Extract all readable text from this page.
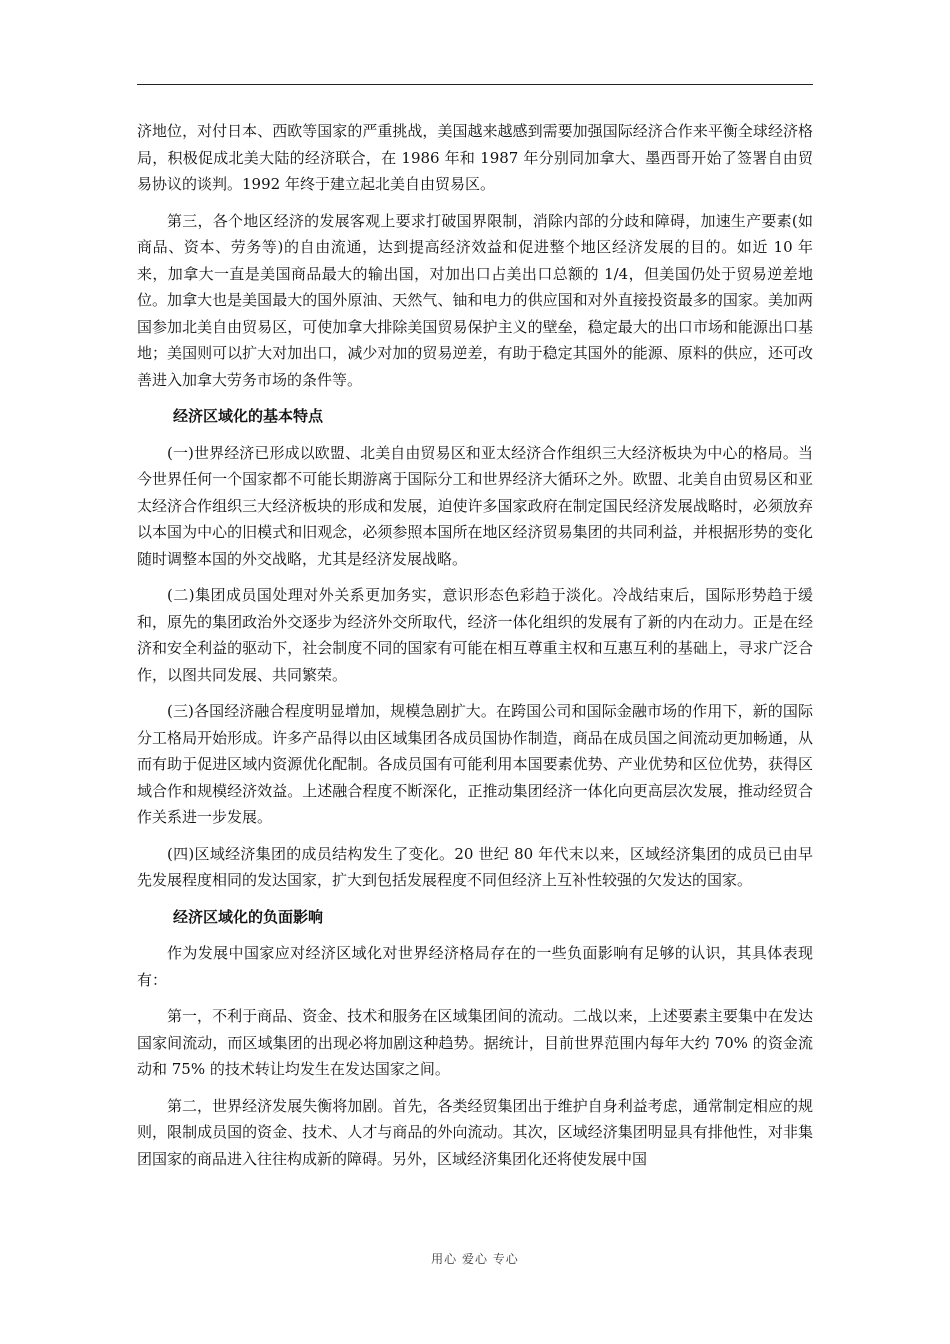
济地位，对付日本、西欧等国家的严重挑战，美国越来越感到需要加强国际经济合作来平衡全球经济格局，积极促成北美大陆的经济联合，在 1986 年和 1987 年分别同加拿大、墨西哥开始了签署自由贸易协议的谈判。1992 年终于建立起北美自由贸易区。

第三，各个地区经济的发展客观上要求打破国界限制，消除内部的分歧和障碍，加速生产要素(如商品、资本、劳务等)的自由流通，达到提高经济效益和促进整个地区经济发展的目的。如近 10 年来，加拿大一直是美国商品最大的输出国，对加出口占美出口总额的 1/4，但美国仍处于贸易逆差地位。加拿大也是美国最大的国外原油、天然气、铀和电力的供应国和对外直接投资最多的国家。美加两国参加北美自由贸易区，可使加拿大排除美国贸易保护主义的壁垒，稳定最大的出口市场和能源出口基地；美国则可以扩大对加出口，减少对加的贸易逆差，有助于稳定其国外的能源、原料的供应，还可改善进入加拿大劳务市场的条件等。

经济区域化的基本特点

(一)世界经济已形成以欧盟、北美自由贸易区和亚太经济合作组织三大经济板块为中心的格局。当今世界任何一个国家都不可能长期游离于国际分工和世界经济大循环之外。欧盟、北美自由贸易区和亚太经济合作组织三大经济板块的形成和发展，迫使许多国家政府在制定国民经济发展战略时，必须放弃以本国为中心的旧模式和旧观念，必须参照本国所在地区经济贸易集团的共同利益，并根据形势的变化随时调整本国的外交战略，尤其是经济发展战略。

(二)集团成员国处理对外关系更加务实，意识形态色彩趋于淡化。冷战结束后，国际形势趋于缓和，原先的集团政治外交逐步为经济外交所取代，经济一体化组织的发展有了新的内在动力。正是在经济和安全利益的驱动下，社会制度不同的国家有可能在相互尊重主权和互惠互利的基础上，寻求广泛合作，以图共同发展、共同繁荣。

(三)各国经济融合程度明显增加，规模急剧扩大。在跨国公司和国际金融市场的作用下，新的国际分工格局开始形成。许多产品得以由区域集团各成员国协作制造，商品在成员国之间流动更加畅通，从而有助于促进区域内资源优化配制。各成员国有可能利用本国要素优势、产业优势和区位优势，获得区域合作和规模经济效益。上述融合程度不断深化，正推动集团经济一体化向更高层次发展，推动经贸合作关系进一步发展。

(四)区域经济集团的成员结构发生了变化。20 世纪 80 年代末以来，区域经济集团的成员已由早先发展程度相同的发达国家，扩大到包括发展程度不同但经济上互补性较强的欠发达的国家。

经济区域化的负面影响

作为发展中国家应对经济区域化对世界经济格局存在的一些负面影响有足够的认识，其具体表现有：

第一，不利于商品、资金、技术和服务在区域集团间的流动。二战以来，上述要素主要集中在发达国家间流动，而区域集团的出现必将加剧这种趋势。据统计，目前世界范围内每年大约 70% 的资金流动和 75% 的技术转让均发生在发达国家之间。

第二，世界经济发展失衡将加剧。首先，各类经贸集团出于维护自身利益考虑，通常制定相应的规则，限制成员国的资金、技术、人才与商品的外向流动。其次，区域经济集团明显具有排他性，对非集团国家的商品进入往往构成新的障碍。另外，区域经济集团化还将使发展中国

用心 爱心 专心
